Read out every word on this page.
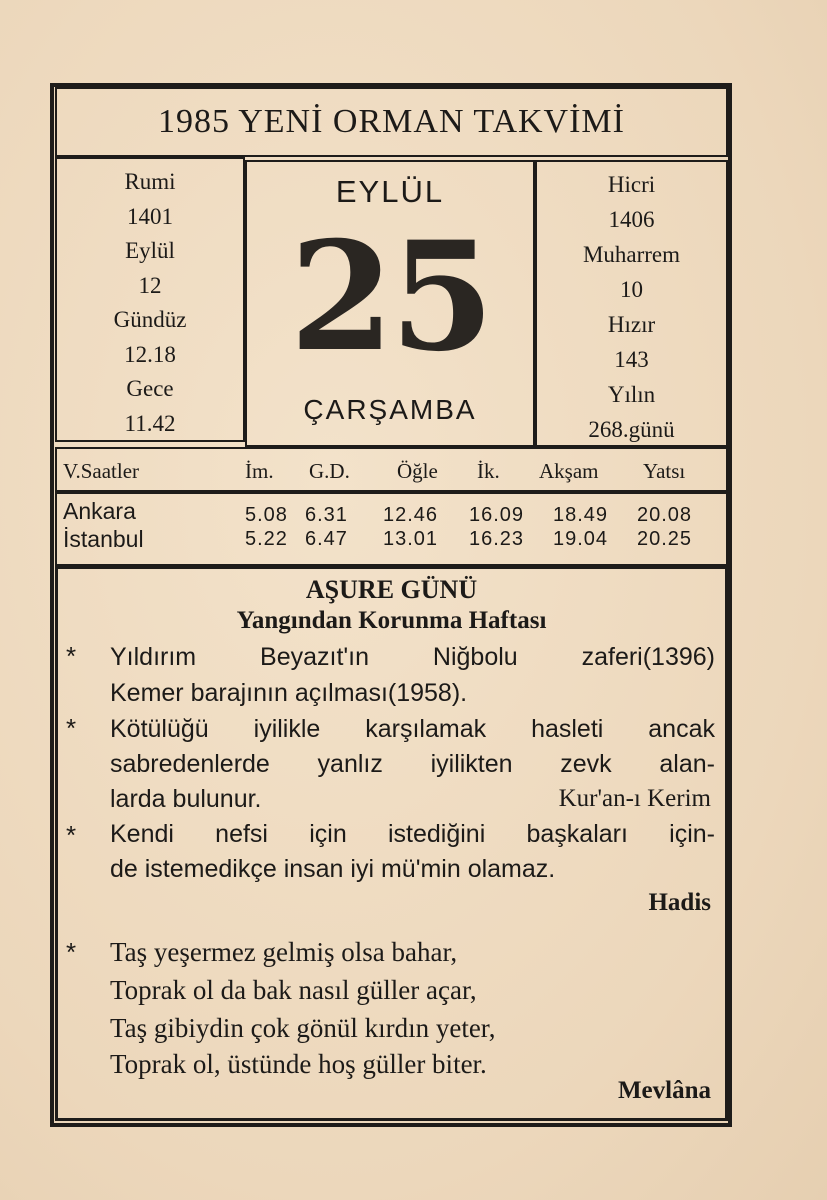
1985 YENİ ORMAN TAKVİMİ
Rumi
1401
Eylül
12
Gündüz
12.18
Gece
11.42
EYLÜL
25
ÇARŞAMBA
Hicri
1406
Muharrem
10
Hızır
143
Yılın
268.günü
V.Saatler	İm. G.D. Öğle İk. Akşam Yatsı
Ankara	5.08 6.31 12.46 16.09 18.49 20.08
İstanbul	5.22 6.47 13.01 16.23 19.04 20.25
AŞURE GÜNÜ
Yangından Korunma Haftası
* Yıldırım Beyazıt'ın Niğbolu zaferi(1396)
Kemer barajının açılması(1958).
* Kötülüğü iyilikle karşılamak hasleti ancak
sabredenlerde yanlız iyilikten zevk alan-
larda bulunur.	Kur'an-ı Kerim
* Kendi nefsi için istediğini başkaları için-
de istemedikçe insan iyi mü'min olamaz.
Hadis
* Taş yeşermez gelmiş olsa bahar,
Toprak ol da bak nasıl güller açar,
Taş gibiydin çok gönül kırdın yeter,
Toprak ol, üstünde hoş güller biter.
Mevlâna
